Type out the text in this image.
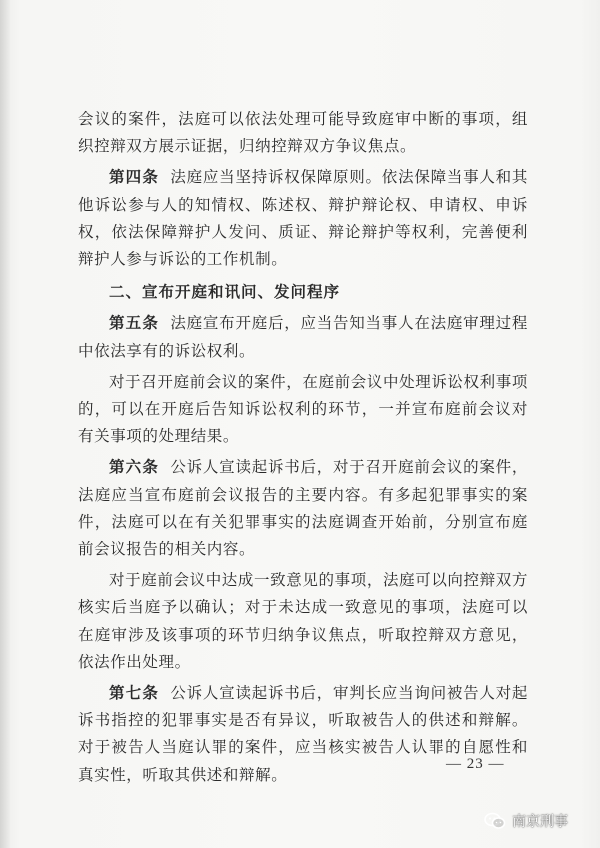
会议的案件，法庭可以依法处理可能导致庭审中断的事项，组织控辩双方展示证据，归纳控辩双方争议焦点。

第四条 法庭应当坚持诉权保障原则。依法保障当事人和其他诉讼参与人的知情权、陈述权、辩护辩论权、申请权、申诉权，依法保障辩护人发问、质证、辩论辩护等权利，完善便利辩护人参与诉讼的工作机制。

二、宣布开庭和讯问、发问程序

第五条 法庭宣布开庭后，应当告知当事人在法庭审理过程中依法享有的诉讼权利。

对于召开庭前会议的案件，在庭前会议中处理诉讼权利事项的，可以在开庭后告知诉讼权利的环节，一并宣布庭前会议对有关事项的处理结果。

第六条 公诉人宣读起诉书后，对于召开庭前会议的案件，法庭应当宣布庭前会议报告的主要内容。有多起犯罪事实的案件，法庭可以在有关犯罪事实的法庭调查开始前，分别宣布庭前会议报告的相关内容。

对于庭前会议中达成一致意见的事项，法庭可以向控辩双方核实后当庭予以确认；对于未达成一致意见的事项，法庭可以在庭审涉及该事项的环节归纳争议焦点，听取控辩双方意见，依法作出处理。

第七条 公诉人宣读起诉书后，审判长应当询问被告人对起诉书指控的犯罪事实是否有异议，听取被告人的供述和辩解。对于被告人当庭认罪的案件，应当核实被告人认罪的自愿性和真实性，听取其供述和辩解。

— 23 —
南京刑事
